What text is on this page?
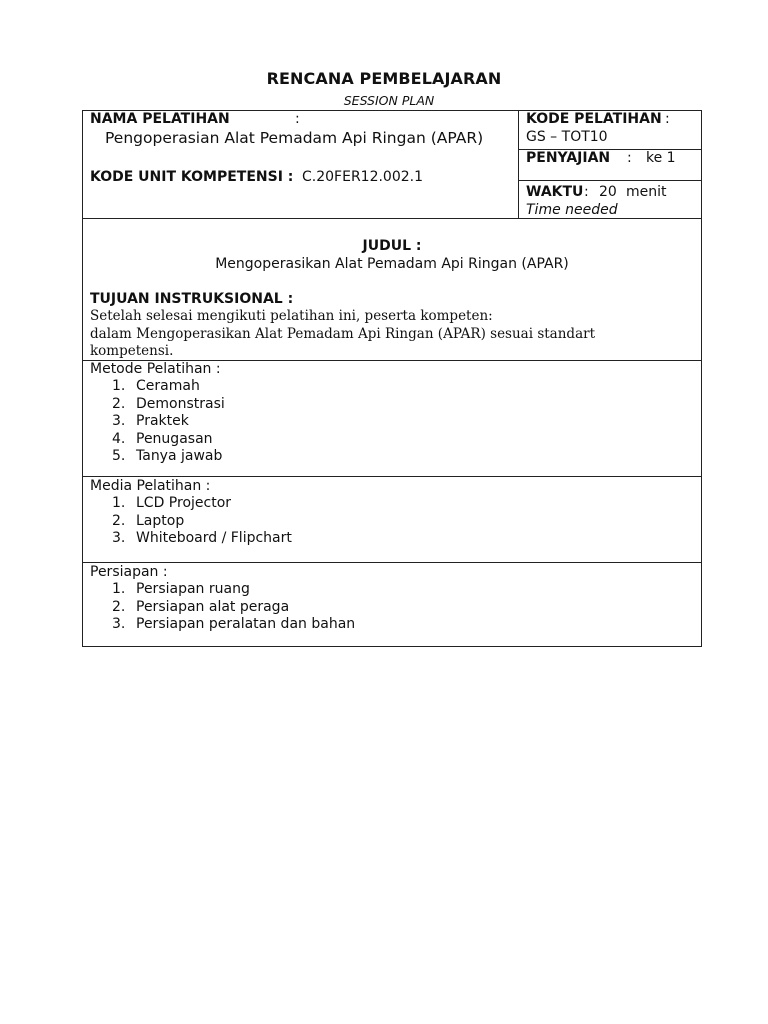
RENCANA PEMBELAJARAN
SESSION PLAN
NAMA PELATIHAN	:
Pengoperasian Alat Pemadam Api Ringan (APAR)
KODE UNIT KOMPETENSI : C.20FER12.002.1
KODE PELATIHAN :
GS – TOT10
PENYAJIAN : ke 1
WAKTU : 20 menit
Time needed
JUDUL :
Mengoperasikan Alat Pemadam Api Ringan (APAR)
TUJUAN INSTRUKSIONAL :
Setelah selesai mengikuti pelatihan ini, peserta kompeten:
dalam Mengoperasikan Alat Pemadam Api Ringan (APAR) sesuai standart
kompetensi.
Metode Pelatihan :
1. Ceramah
2. Demonstrasi
3. Praktek
4. Penugasan
5. Tanya jawab
Media Pelatihan :
1. LCD Projector
2. Laptop
3. Whiteboard / Flipchart
Persiapan :
1. Persiapan ruang
2. Persiapan alat peraga
3. Persiapan peralatan dan bahan
